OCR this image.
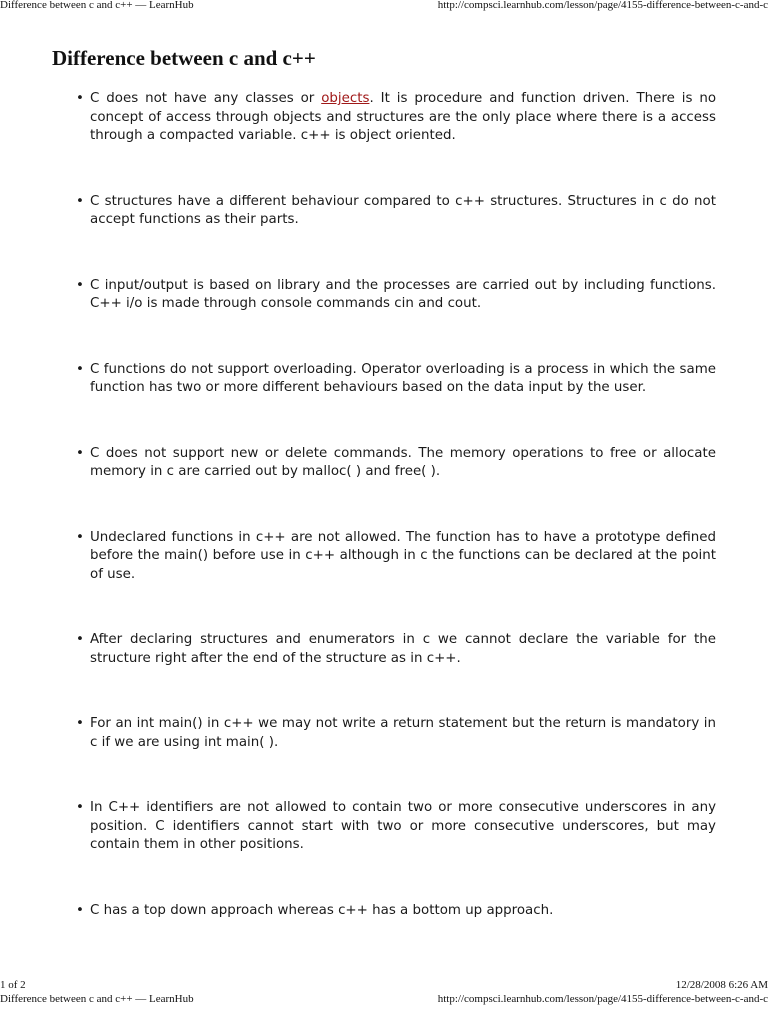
Difference between c and c++ — LearnHub	http://compsci.learnhub.com/lesson/page/4155-difference-between-c-and-c
Difference between c and c++
• C does not have any classes or objects. It is procedure and function driven. There is no concept of access through objects and structures are the only place where there is a access through a compacted variable. c++ is object oriented.
• C structures have a different behaviour compared to c++ structures. Structures in c do not accept functions as their parts.
• C input/output is based on library and the processes are carried out by including functions. C++ i/o is made through console commands cin and cout.
• C functions do not support overloading. Operator overloading is a process in which the same function has two or more different behaviours based on the data input by the user.
• C does not support new or delete commands. The memory operations to free or allocate memory in c are carried out by malloc( ) and free( ).
• Undeclared functions in c++ are not allowed. The function has to have a prototype defined before the main() before use in c++ although in c the functions can be declared at the point of use.
• After declaring structures and enumerators in c we cannot declare the variable for the structure right after the end of the structure as in c++.
• For an int main() in c++ we may not write a return statement but the return is mandatory in c if we are using int main( ).
• In C++ identifiers are not allowed to contain two or more consecutive underscores in any position. C identifiers cannot start with two or more consecutive underscores, but may contain them in other positions.
• C has a top down approach whereas c++ has a bottom up approach.
1 of 2	12/28/2008 6:26 AM
Difference between c and c++ — LearnHub	http://compsci.learnhub.com/lesson/page/4155-difference-between-c-and-c
